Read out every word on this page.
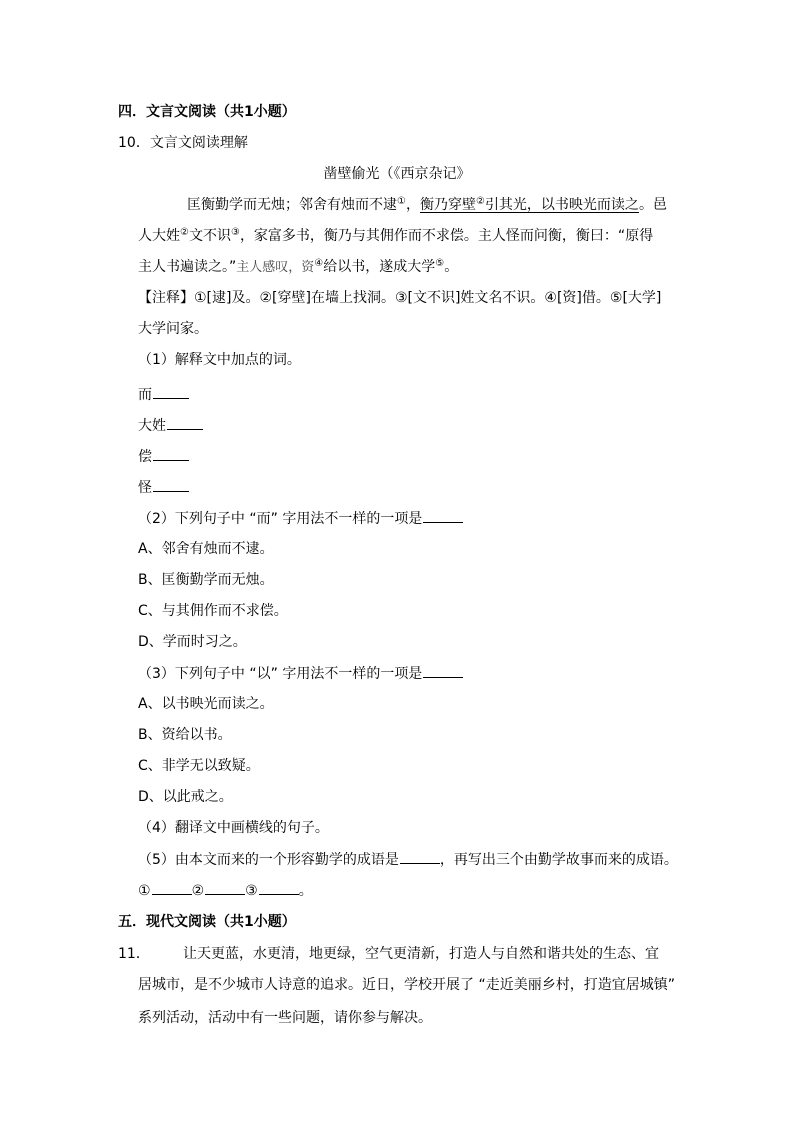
四．文言文阅读（共1小题）
10．文言文阅读理解
凿壁偷光（《西京杂记》
匡衡勤学而无烛；邻舍有烛而不逮①，衡乃穿壁②引其光，以书映光而读之。邑
人大姓②文不识③，家富多书，衡乃与其佣作而不求偿。主人怪而问衡，衡曰：“原得
主人书遍读之。”主人感叹，资④给以书，遂成大学⑤。
【注释】①[逮]及。②[穿壁]在墙上找洞。③[文不识]姓文名不识。④[资]借。⑤[大学]
大学问家。
（1）解释文中加点的词。
而
大姓
偿
怪
（2）下列句子中 “而” 字用法不一样的一项是
A、邻舍有烛而不逮。
B、匡衡勤学而无烛。
C、与其佣作而不求偿。
D、学而时习之。
（3）下列句子中 “以” 字用法不一样的一项是
A、以书映光而读之。
B、资给以书。
C、非学无以致疑。
D、以此戒之。
（4）翻译文中画横线的句子。
（5）由本文而来的一个形容勤学的成语是	，再写出三个由勤学故事而来的成语。
①	②	③	。
五．现代文阅读（共1小题）
11． 让天更蓝，水更清，地更绿，空气更清新，打造人与自然和谐共处的生态、宜
居城市，是不少城市人诗意的追求。近日，学校开展了 “走近美丽乡村，打造宜居城镇”
系列活动，活动中有一些问题，请你参与解决。
